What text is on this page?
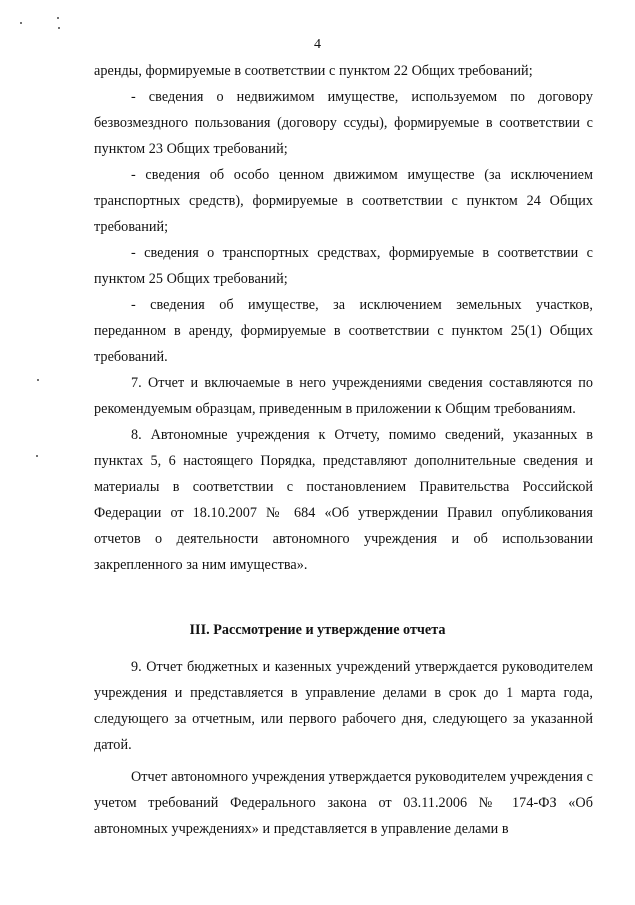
4

аренды, формируемые в соответствии с пунктом 22 Общих требований;

- сведения о недвижимом имуществе, используемом по договору безвозмездного пользования (договору ссуды), формируемые в соответствии с пунктом 23 Общих требований;

- сведения об особо ценном движимом имуществе (за исключением транспортных средств), формируемые в соответствии с пунктом 24 Общих требований;

- сведения о транспортных средствах, формируемые в соответствии с пунктом 25 Общих требований;

- сведения об имуществе, за исключением земельных участков, переданном в аренду, формируемые в соответствии с пунктом 25(1) Общих требований.

7. Отчет и включаемые в него учреждениями сведения составляются по рекомендуемым образцам, приведенным в приложении к Общим требованиям.

8. Автономные учреждения к Отчету, помимо сведений, указанных в пунктах 5, 6 настоящего Порядка, представляют дополнительные сведения и материалы в соответствии с постановлением Правительства Российской Федерации от 18.10.2007 № 684 «Об утверждении Правил опубликования отчетов о деятельности автономного учреждения и об использовании закрепленного за ним имущества».

III. Рассмотрение и утверждение отчета

9. Отчет бюджетных и казенных учреждений утверждается руководителем учреждения и представляется в управление делами в срок до 1 марта года, следующего за отчетным, или первого рабочего дня, следующего за указанной датой.

Отчет автономного учреждения утверждается руководителем учреждения с учетом требований Федерального закона от 03.11.2006 № 174-ФЗ «Об автономных учреждениях» и представляется в управление делами в
